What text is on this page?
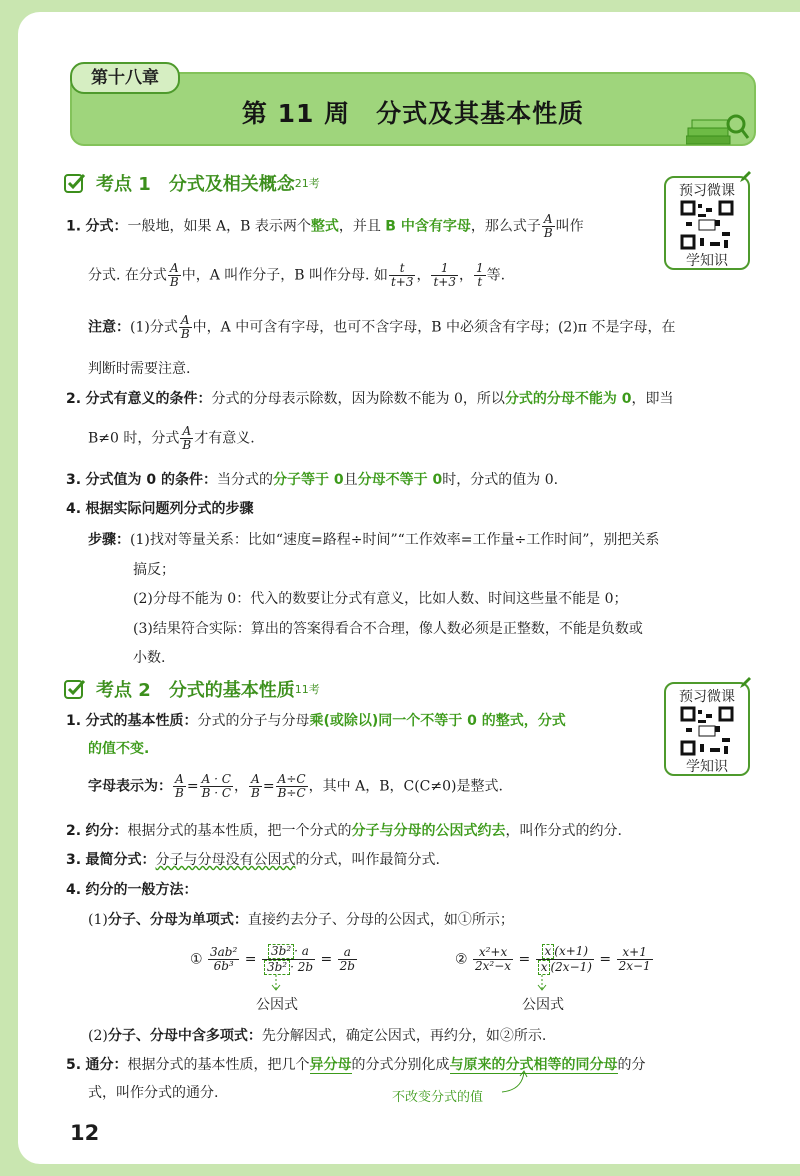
第 11 周　分式及其基本性质
第十八章
考点 1　分式及相关概念 21考	预习微课
学知识
1. 分式：一般地，如果 A，B 表示两个整式，并且 B 中含有字母，那么式子 $\frac{A}{B}$ 叫作
分式. 在分式 $\frac{A}{B}$ 中，A 叫作分子，B 叫作分母. 如 $\frac{t}{t+3}$ ， $\frac{1}{t+3}$ ， $\frac{1}{t}$ 等.
注意：(1)分式 $\frac{A}{B}$ 中，A 中可含有字母，也可不含字母，B 中必须含有字母；(2)π 不是字母，在
判断时需要注意.
2. 分式有意义的条件：分式的分母表示除数，因为除数不能为 0，所以分式的分母不能为 0，即当
B≠0 时，分式 $\frac{A}{B}$ 才有意义.
3. 分式值为 0 的条件：当分式的分子等于 0且分母不等于 0时，分式的值为 0.
4. 根据实际问题列分式的步骤
步骤：(1)找对等量关系：比如“速度=路程÷时间”“工作效率=工作量÷工作时间”，别把关系
搞反；
(2)分母不能为 0：代入的数要让分式有意义，比如人数、时间这些量不能是 0；
(3)结果符合实际：算出的答案得看合不合理，像人数必须是正整数，不能是负数或
小数.
考点 2　分式的基本性质 11考	预习微课
学知识
1. 分式的基本性质：分式的分子与分母乘(或除以)同一个不等于 0 的整式，分式
的值不变.
字母表示为： $\frac{A}{B} = \frac{A \cdot C}{B \cdot C}$ ， $\frac{A}{B} = \frac{A\div C}{B\div C}$ ，其中 A，B，C(C≠0)是整式.
2. 约分：根据分式的基本性质，把一个分式的分子与分母的公因式约去，叫作分式的约分.
3. 最简分式：分子与分母没有公因式的分式，叫作最简分式.
4. 约分的一般方法：
(1)分子、分母为单项式：直接约去分子、分母的公因式，如①所示；
① $\frac{\text{3ab²}}{\text{6b³}} = \frac{\text{3b² · a}}{\text{3b² · 2b}} = \frac{a}{2b}$
公因式
② $\frac{\text{x²+x}}{\text{2x²−x}} = \frac{x (x+1)}{x (2x-1)} = \frac{x+1}{2x-1}$
公因式
(2)分子、分母中含多项式：先分解因式，确定公因式，再约分，如②所示.
5. 通分：根据分式的基本性质，把几个异分母的分式分别化成与原来的分式相等的同分母的分
式，叫作分式的通分.	不改变分式的值
12
